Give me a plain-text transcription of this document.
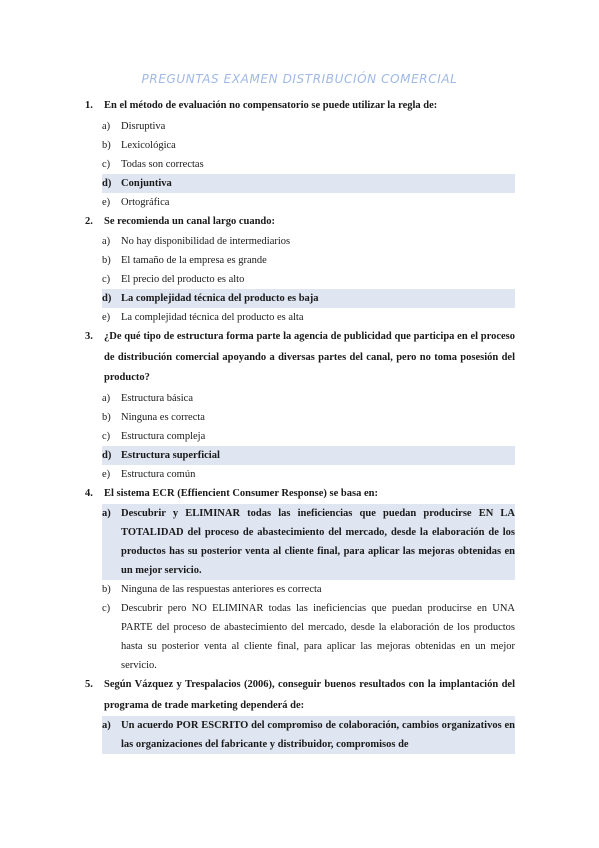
PREGUNTAS EXAMEN DISTRIBUCIÓN COMERCIAL
1.	En el método de evaluación no compensatorio se puede utilizar la regla de:
a)	Disruptiva
b) Lexicológica
c)	Todas son correctas
d) Conjuntiva
e)	Ortográfica
2.	Se recomienda un canal largo cuando:
a)	No hay disponibilidad de intermediarios
b) El tamaño de la empresa es grande
c)	El precio del producto es alto
d) La complejidad técnica del producto es baja
e)	La complejidad técnica del producto es alta
3.	¿De qué tipo de estructura forma parte la agencia de publicidad que participa en el proceso de distribución comercial apoyando a diversas partes del canal, pero no toma posesión del producto?
a)	Estructura básica
b) Ninguna es correcta
c)	Estructura compleja
d) Estructura superficial
e)	Estructura común
4.	El sistema ECR (Effiencient Consumer Response) se basa en:
a) Descubrir y ELIMINAR todas las ineficiencias que puedan producirse EN LA TOTALIDAD del proceso de abastecimiento del mercado, desde la elaboración de los productos has su posterior venta al cliente final, para aplicar las mejoras obtenidas en un mejor servicio.
b) Ninguna de las respuestas anteriores es correcta
c)	Descubrir pero NO ELIMINAR todas las ineficiencias que puedan producirse en UNA PARTE del proceso de abastecimiento del mercado, desde la elaboración de los productos hasta su posterior venta al cliente final, para aplicar las mejoras obtenidas en un mejor servicio.
5.	Según Vázquez y Trespalacios (2006), conseguir buenos resultados con la implantación del programa de trade marketing dependerá de:
a) Un acuerdo POR ESCRITO del compromiso de colaboración, cambios organizativos en las organizaciones del fabricante y distribuidor, compromisos de
